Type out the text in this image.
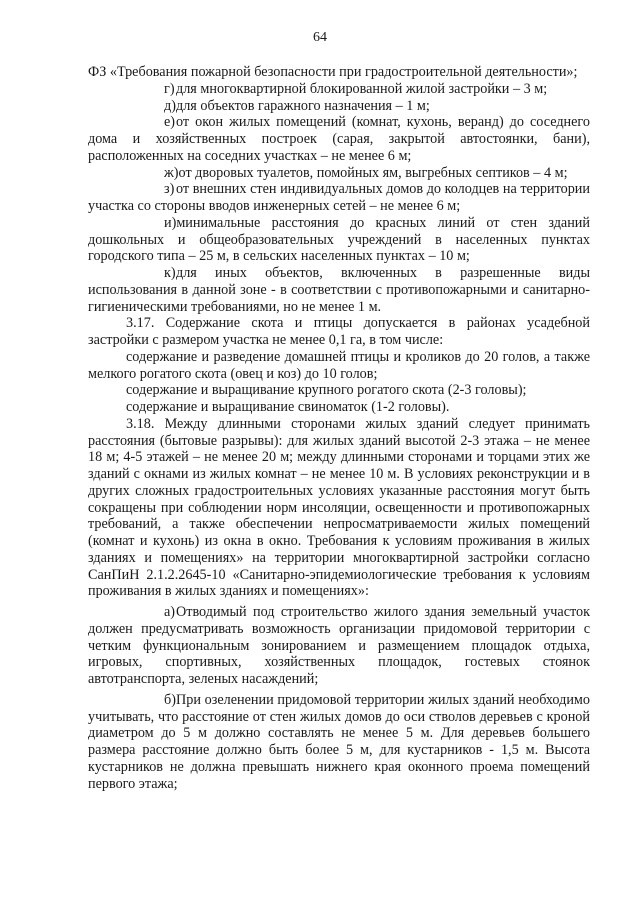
64

ФЗ «Требования пожарной безопасности при градостроительной деятельности»;

г)для многоквартирной блокированной жилой застройки – 3 м;

д)для объектов гаражного назначения – 1 м;

е)от окон жилых помещений (комнат, кухонь, веранд) до соседнего дома и хозяйственных построек (сарая, закрытой автостоянки, бани), расположенных на соседних участках – не менее 6 м;

ж)от дворовых туалетов, помойных ям, выгребных септиков – 4 м;

з) от внешних стен индивидуальных домов до колодцев на территории участка со стороны вводов инженерных сетей – не менее 6 м;

и)минимальные расстояния до красных линий от стен зданий дошкольных и общеобразовательных учреждений в населенных пунктах городского типа – 25 м, в сельских населенных пунктах – 10 м;

к)для иных объектов, включенных в разрешенные виды использования в данной зоне - в соответствии с противопожарными и санитарно-гигиеническими требованиями, но не менее 1 м.

3.17. Содержание скота и птицы допускается в районах усадебной застройки с размером участка не менее 0,1 га, в том числе:

содержание и разведение домашней птицы и кроликов до 20 голов, а также мелкого рогатого скота (овец и коз) до 10 голов;

содержание и выращивание крупного рогатого скота (2-3 головы);

содержание и выращивание свиноматок (1-2 головы).

3.18. Между длинными сторонами жилых зданий следует принимать расстояния (бытовые разрывы): для жилых зданий высотой 2-3 этажа – не менее 18 м; 4-5 этажей – не менее 20 м; между длинными сторонами и торцами этих же зданий с окнами из жилых комнат – не менее 10 м. В условиях реконструкции и в других сложных градостроительных условиях указанные расстояния могут быть сокращены при соблюдении норм инсоляции, освещенности и противопожарных требований, а также обеспечении непросматриваемости жилых помещений (комнат и кухонь) из окна в окно. Требования к условиям проживания в жилых зданиях и помещениях» на территории многоквартирной застройки согласно СанПиН 2.1.2.2645-10 «Санитарно-эпидемиологические требования к условиям проживания в жилых зданиях и помещениях»:

а)Отводимый под строительство жилого здания земельный участок должен предусматривать возможность организации придомовой территории с четким функциональным зонированием и размещением площадок отдыха, игровых, спортивных, хозяйственных площадок, гостевых стоянок автотранспорта, зеленых насаждений;

б)При озеленении придомовой территории жилых зданий необходимо учитывать, что расстояние от стен жилых домов до оси стволов деревьев с кроной диаметром до 5 м должно составлять не менее 5 м. Для деревьев большего размера расстояние должно быть более 5 м, для кустарников - 1,5 м. Высота кустарников не должна превышать нижнего края оконного проема помещений первого этажа;
